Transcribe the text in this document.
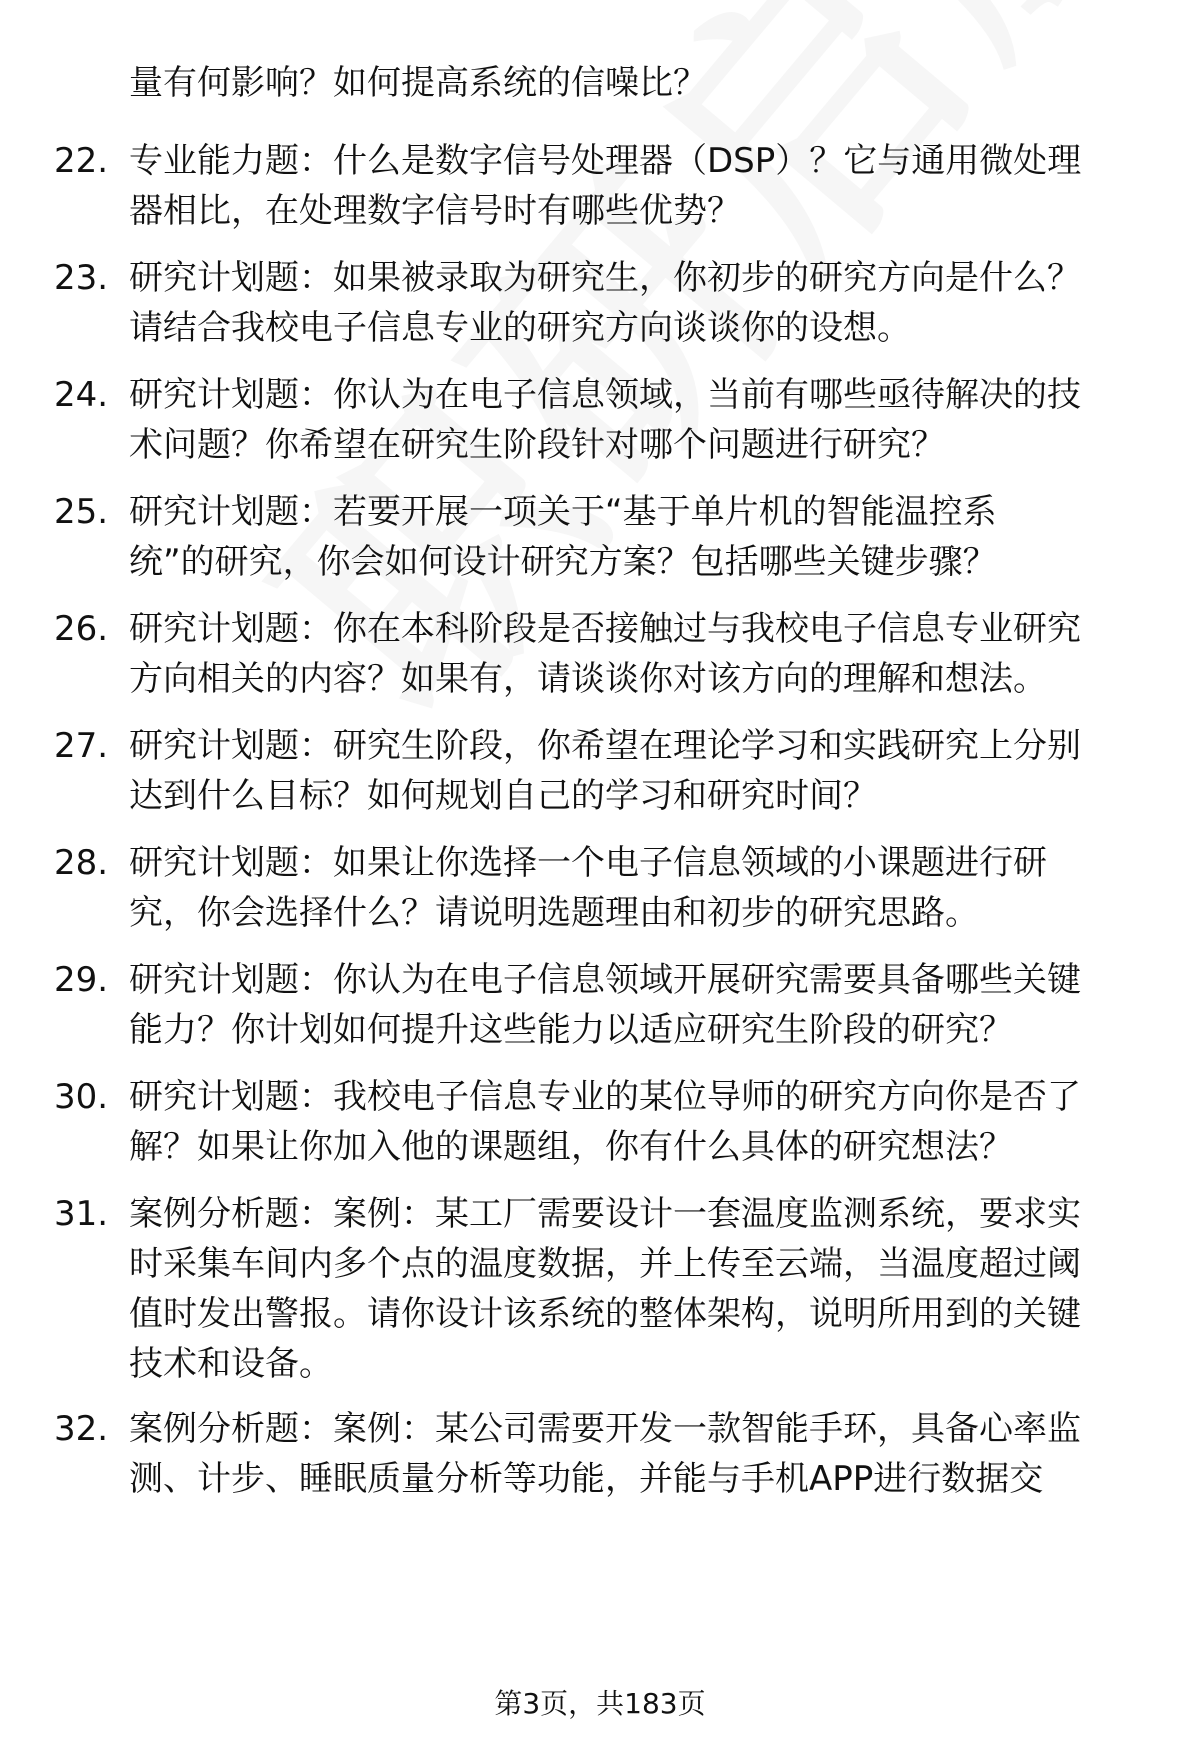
量有何影响？如何提高系统的信噪比？
22. 专业能力题：什么是数字信号处理器（DSP）？它与通用微处理
器相比，在处理数字信号时有哪些优势？
23. 研究计划题：如果被录取为研究生，你初步的研究方向是什么？
请结合我校电子信息专业的研究方向谈谈你的设想。
24. 研究计划题：你认为在电子信息领域，当前有哪些亟待解决的技
术问题？你希望在研究生阶段针对哪个问题进行研究？
25. 研究计划题：若要开展一项关于“基于单片机的智能温控系
统”的研究，你会如何设计研究方案？包括哪些关键步骤？
26. 研究计划题：你在本科阶段是否接触过与我校电子信息专业研究
方向相关的内容？如果有，请谈谈你对该方向的理解和想法。
27. 研究计划题：研究生阶段，你希望在理论学习和实践研究上分别
达到什么目标？如何规划自己的学习和研究时间？
28. 研究计划题：如果让你选择一个电子信息领域的小课题进行研
究，你会选择什么？请说明选题理由和初步的研究思路。
29. 研究计划题：你认为在电子信息领域开展研究需要具备哪些关键
能力？你计划如何提升这些能力以适应研究生阶段的研究？
30. 研究计划题：我校电子信息专业的某位导师的研究方向你是否了
解？如果让你加入他的课题组，你有什么具体的研究想法？
31. 案例分析题：案例：某工厂需要设计一套温度监测系统，要求实
时采集车间内多个点的温度数据，并上传至云端，当温度超过阈
值时发出警报。请你设计该系统的整体架构，说明所用到的关键
技术和设备。
32. 案例分析题：案例：某公司需要开发一款智能手环，具备心率监
测、计步、睡眠质量分析等功能，并能与手机APP进行数据交
第3页，共183页
